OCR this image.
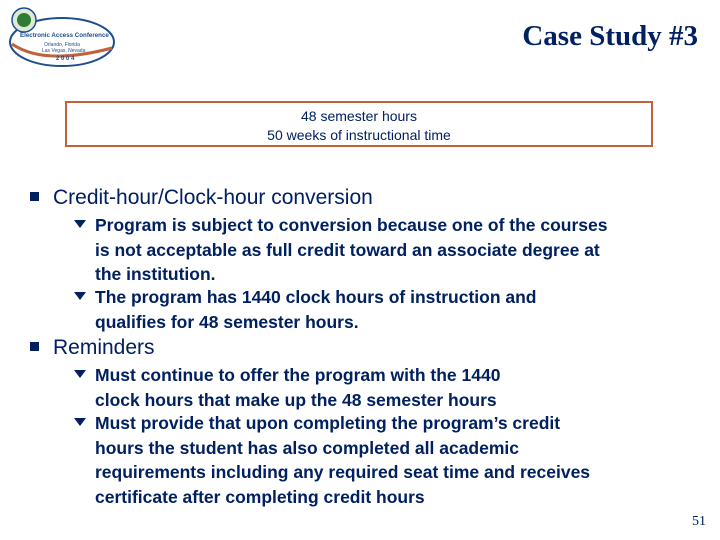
Electronic Access Conference
Orlando, Florida
Las Vegas, Nevada
2 0 0 4
Case Study #3
48 semester hours
50 weeks of instructional time
Credit-hour/Clock-hour conversion
Program is subject to conversion because one of the courses
is not acceptable as full credit toward an associate degree at
the institution.
The program has 1440 clock hours of instruction and
qualifies for 48 semester hours.
Reminders
Must continue to offer the program with the 1440
clock hours that make up the 48 semester hours
Must provide that upon completing the program’s credit
hours the student has also completed all academic
requirements including any required seat time and receives
certificate after completing credit hours
51
